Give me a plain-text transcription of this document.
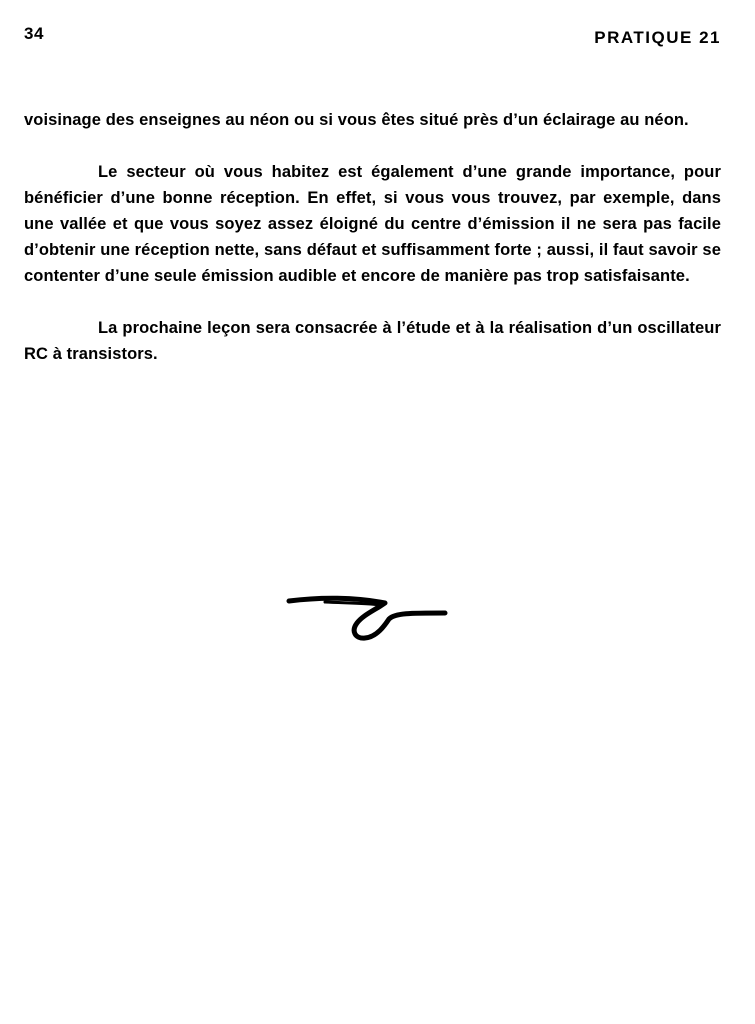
34	PRATIQUE 21

voisinage des enseignes au néon ou si vous êtes situé près d’un éclairage au néon.

Le secteur où vous habitez est également d’une grande importance, pour bénéficier d’une bonne réception. En effet, si vous vous trouvez, par exemple, dans une vallée et que vous soyez assez éloigné du centre d’émission il ne sera pas facile d’obtenir une réception nette, sans défaut et suffisamment forte ; aussi, il faut savoir se contenter d’une seule émission audible et encore de manière pas trop satisfaisante.

La prochaine leçon sera consacrée à l’étude et à la réalisation d’un oscillateur RC à transistors.
